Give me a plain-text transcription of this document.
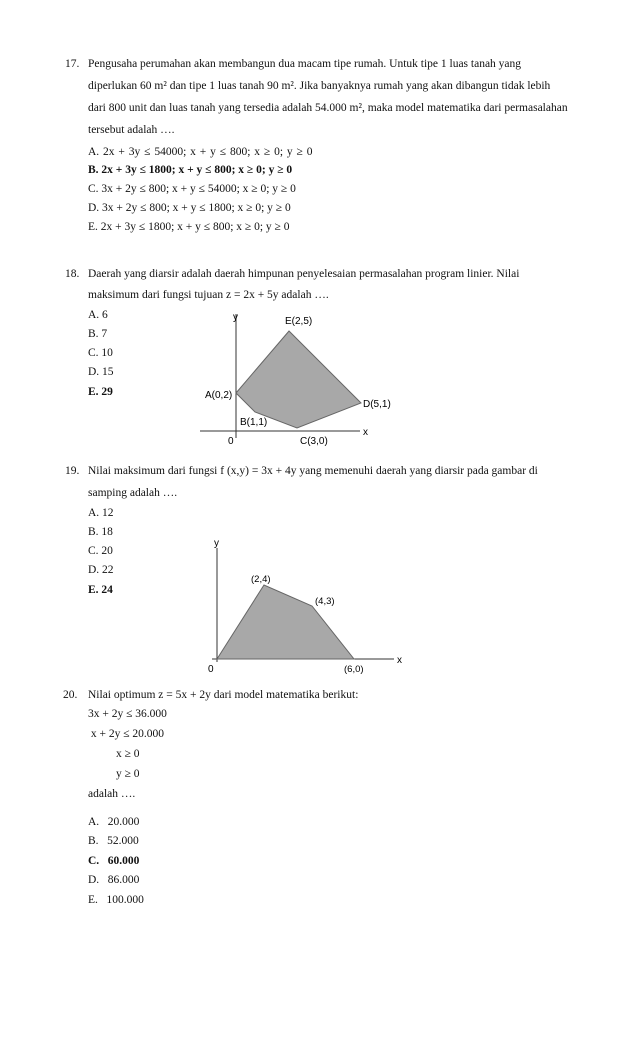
17. Pengusaha perumahan akan membangun dua macam tipe rumah. Untuk tipe 1 luas tanah yang
diperlukan 60 m² dan tipe 1 luas tanah 90 m². Jika banyaknya rumah yang akan dibangun tidak lebih
dari 800 unit dan luas tanah yang tersedia adalah 54.000 m², maka model matematika dari permasalahan
tersebut adalah ….
A. 2x + 3y ≤ 54000; x + y ≤ 800; x ≥ 0; y ≥ 0
B. 2x + 3y ≤ 1800; x + y ≤ 800; x ≥ 0; y ≥ 0
C. 3x + 2y ≤ 800; x + y ≤ 54000; x ≥ 0; y ≥ 0
D. 3x + 2y ≤ 800; x + y ≤ 1800; x ≥ 0; y ≥ 0
E. 2x + 3y ≤ 1800; x + y ≤ 800; x ≥ 0; y ≥ 0
18. Daerah yang diarsir adalah daerah himpunan penyelesaian permasalahan program linier. Nilai
maksimum dari fungsi tujuan z = 2x + 5y adalah ….
A. 6
B. 7
C. 10
D. 15
E. 29
y
x
0
E(2,5)
A(0,2)
B(1,1)
C(3,0)
D(5,1)
19. Nilai maksimum dari fungsi f (x,y) = 3x + 4y yang memenuhi daerah yang diarsir pada gambar di
samping adalah ….
A. 12
B. 18
C. 20
D. 22
E. 24
y
x
0
(2,4)
(4,3)
(6,0)
20. Nilai optimum z = 5x + 2y dari model matematika berikut:
3x + 2y ≤ 36.000
x + 2y ≤ 20.000
x ≥ 0
y ≥ 0
adalah ….
A.   20.000
B.   52.000
C.   60.000
D.   86.000
E.   100.000
